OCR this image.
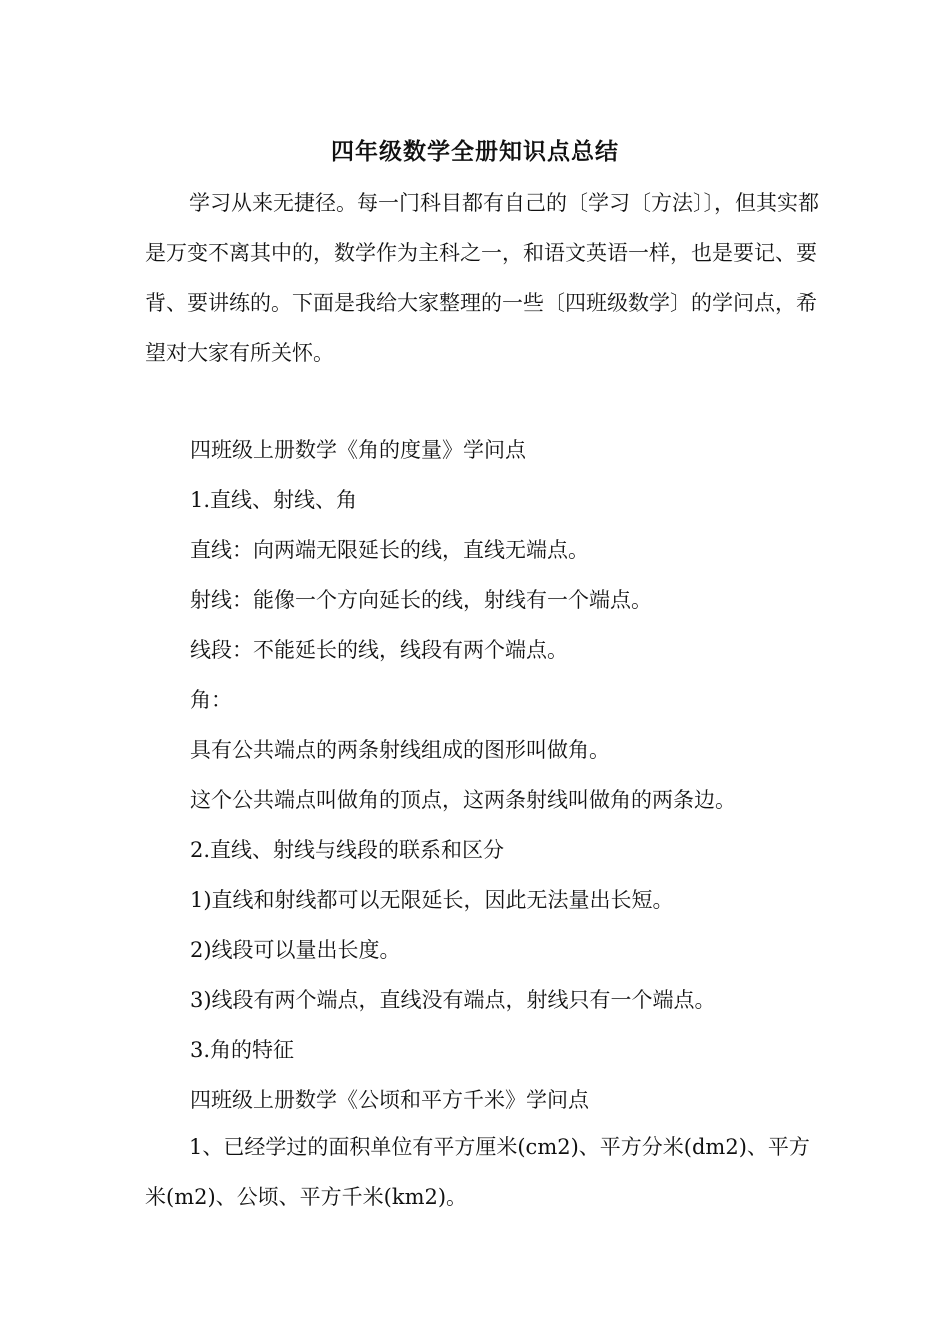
四年级数学全册知识点总结

学习从来无捷径。每一门科目都有自己的〔学习〔方法〕〕，但其实都是万变不离其中的，数学作为主科之一，和语文英语一样，也是要记、要背、要讲练的。下面是我给大家整理的一些〔四班级数学〕的学问点，希望对大家有所关怀。

四班级上册数学《角的度量》学问点
1.直线、射线、角
直线：向两端无限延长的线，直线无端点。
射线：能像一个方向延长的线，射线有一个端点。
线段：不能延长的线，线段有两个端点。
角：
具有公共端点的两条射线组成的图形叫做角。
这个公共端点叫做角的顶点，这两条射线叫做角的两条边。
2.直线、射线与线段的联系和区分
1)直线和射线都可以无限延长，因此无法量出长短。
2)线段可以量出长度。
3)线段有两个端点，直线没有端点，射线只有一个端点。
3.角的特征
四班级上册数学《公顷和平方千米》学问点

1、已经学过的面积单位有平方厘米(cm2)、平方分米(dm2)、平方米(m2)、公顷、平方千米(km2)。
